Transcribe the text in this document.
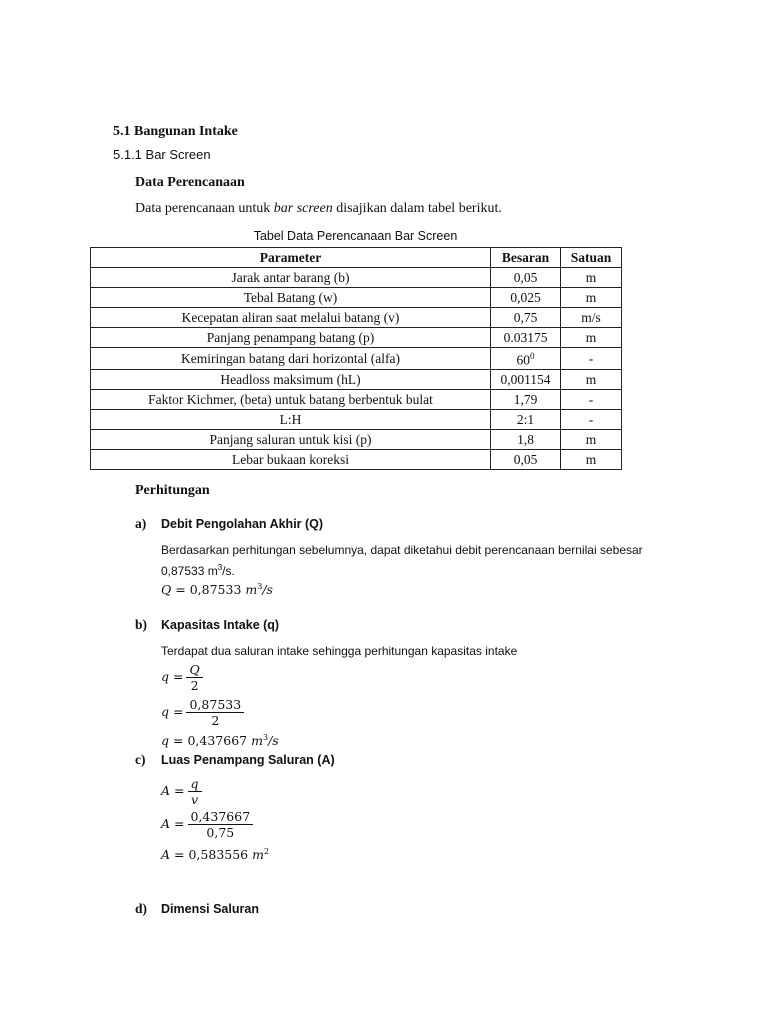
5.1 Bangunan Intake
5.1.1 Bar Screen
Data Perencanaan
Data perencanaan untuk bar screen disajikan dalam tabel berikut.
Tabel Data Perencanaan Bar Screen
Parameter	Besaran	Satuan
Jarak antar barang (b)	0,05	m
Tebal Batang (w)	0,025	m
Kecepatan aliran saat melalui batang (v)	0,75	m/s
Panjang penampang batang (p)	0.03175	m
Kemiringan batang dari horizontal (alfa)	$60^0$	-
Headloss maksimum (hL)	0,001154	m
Faktor Kichmer, (beta) untuk batang berbentuk bulat	1,79	-
L:H	2:1	-
Panjang saluran untuk kisi (p)	1,8	m
Lebar bukaan koreksi	0,05	m
Perhitungan
a) Debit Pengolahan Akhir (Q)
Berdasarkan perhitungan sebelumnya, dapat diketahui debit perencanaan bernilai sebesar
0,87533 $m^3/s$.
Q = 0,87533 $m^3/s$
b) Kapasitas Intake (q)
Terdapat dua saluran intake sehingga perhitungan kapasitas intake
$q = \frac{Q}{2}$
$q = \frac{0,87533}{2}$
q = 0,437667 $m^3/s$
c) Luas Penampang Saluran (A)
$A = \frac{q}{v}$
$A = \frac{0,437667}{0,75}$
A = 0,583556 $m^2$
d) Dimensi Saluran
